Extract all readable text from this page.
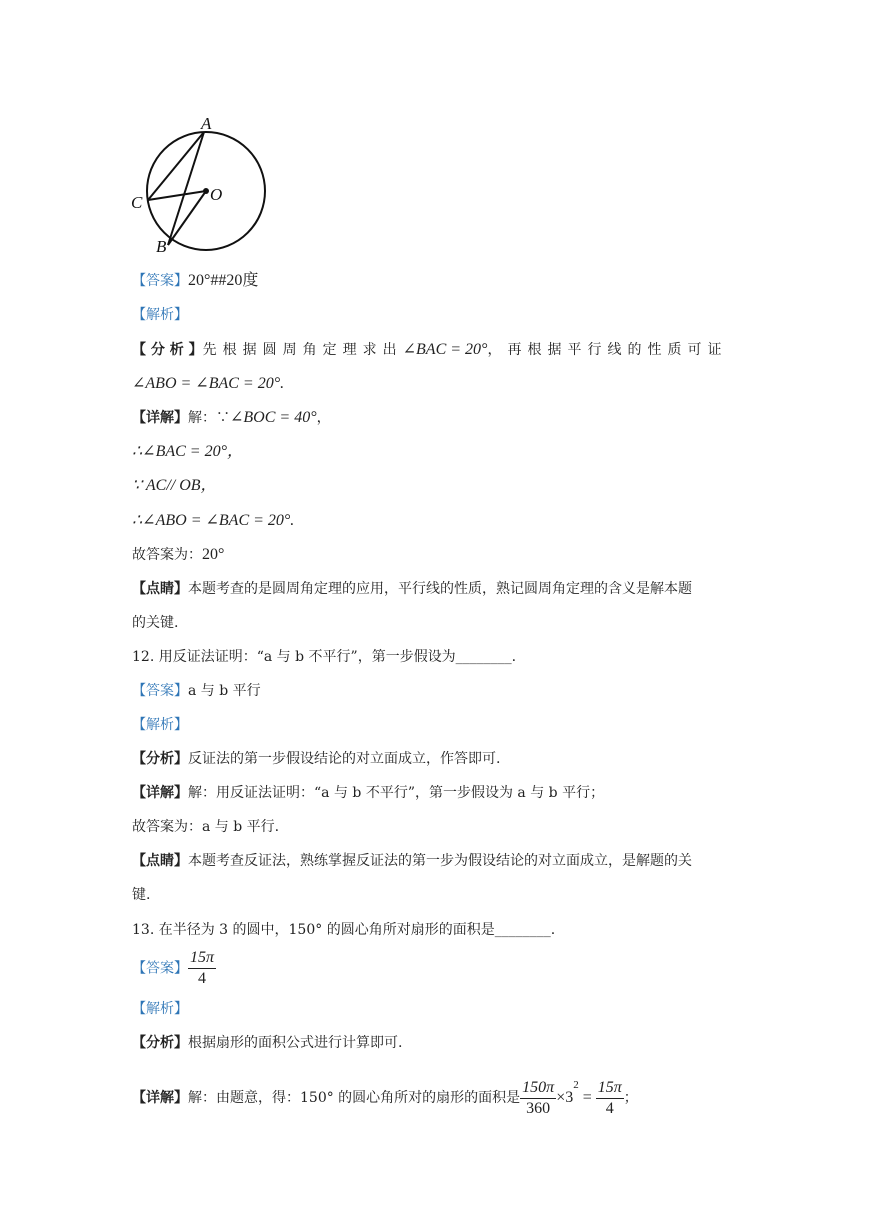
A
O
C
B
【答案】20°##20度
【解析】
【 分 析 】先根据圆周角定理求出∠BAC = 20°，再根据平行线的性质可证
∠ABO = ∠BAC = 20°.
【详解】解：∵∠BOC = 40°，
∴∠BAC = 20°，
∵ AC// OB，
∴∠ABO = ∠BAC = 20°.
故答案为：20°
【点睛】本题考查的是圆周角定理的应用，平行线的性质，熟记圆周角定理的含义是解本题
的关键.
12. 用反证法证明：“a 与 b 不平行”，第一步假设为________.
【答案】a 与 b 平行
【解析】
【分析】反证法的第一步假设结论的对立面成立，作答即可.
【详解】解：用反证法证明：“a 与 b 不平行”，第一步假设为 a 与 b 平行；
故答案为：a 与 b 平行.
【点睛】本题考查反证法，熟练掌握反证法的第一步为假设结论的对立面成立，是解题的关
键.
13. 在半径为 3 的圆中，150° 的圆心角所对扇形的面积是________.
【答案】 $\frac{15\pi}{4}$
【解析】
【分析】根据扇形的面积公式进行计算即可.
【详解】解：由题意，得：150° 的圆心角所对的扇形的面积是 $\frac{150\pi}{360} \times 3^2 = \frac{15\pi}{4}$ ；
